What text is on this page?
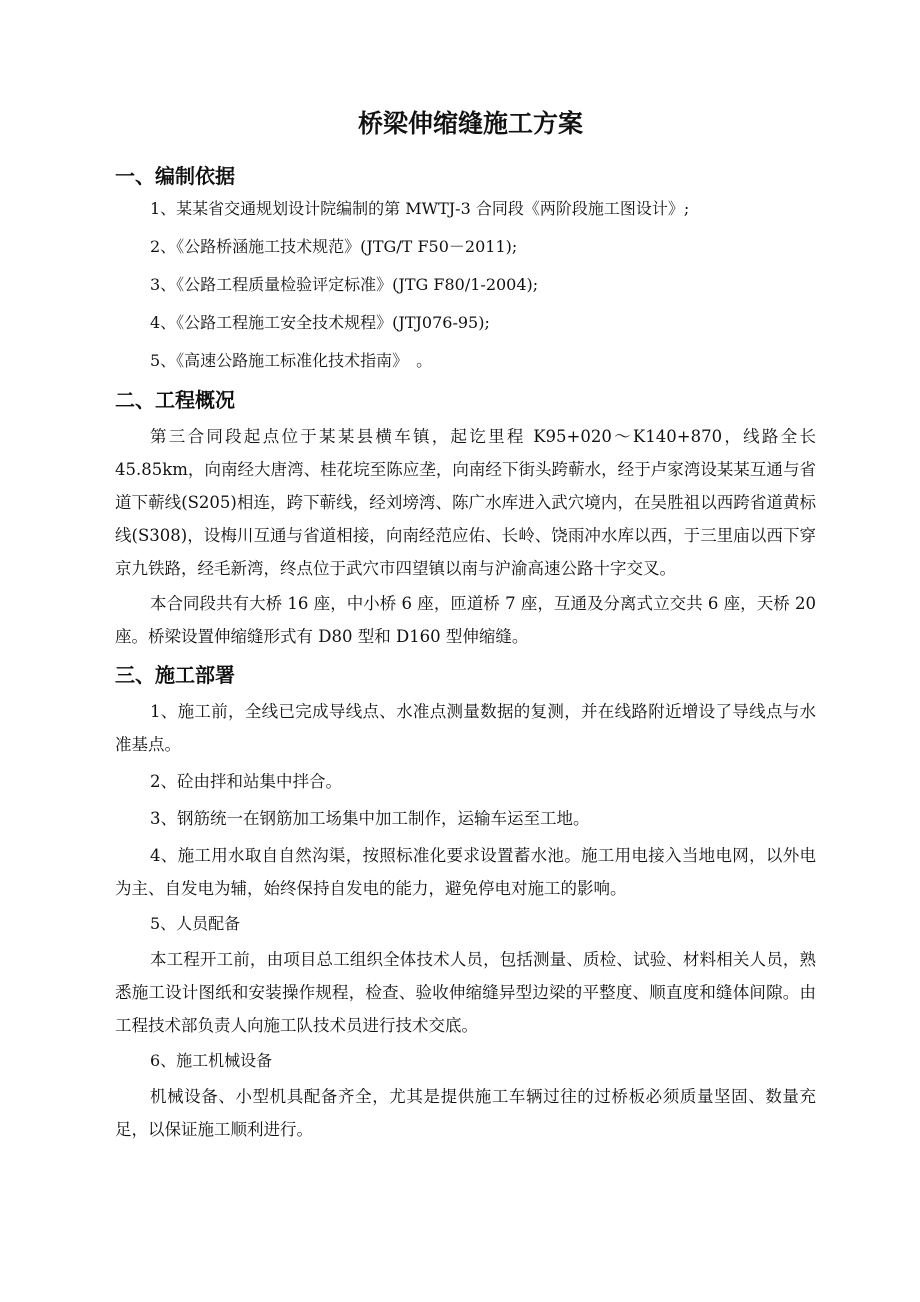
桥梁伸缩缝施工方案
一、编制依据

1、某某省交通规划设计院编制的第 MWTJ-3 合同段《两阶段施工图设计》;

2、《公路桥涵施工技术规范》(JTG/T F50－2011);

3、《公路工程质量检验评定标准》(JTG F80/1-2004);

4、《公路工程施工安全技术规程》(JTJ076-95);

5、《高速公路施工标准化技术指南》　。

二、工程概况

第三合同段起点位于某某县横车镇，起讫里程 K95+020～K140+870，线路全长 45.85km，向南经大唐湾、桂花垸至陈应垄，向南经下街头跨蕲水，经于卢家湾设某某互通与省道下蕲线(S205)相连，跨下蕲线，经刘塝湾、陈广水库进入武穴境内，在吴胜祖以西跨省道黄标线(S308)，设梅川互通与省道相接，向南经范应佑、长岭、饶雨冲水库以西，于三里庙以西下穿京九铁路，经毛新湾，终点位于武穴市四望镇以南与沪渝高速公路十字交叉。

本合同段共有大桥 16 座，中小桥 6 座，匝道桥 7 座，互通及分离式立交共 6 座，天桥 20 座。桥梁设置伸缩缝形式有 D80 型和 D160 型伸缩缝。

三、施工部署

1、施工前，全线已完成导线点、水准点测量数据的复测，并在线路附近增设了导线点与水准基点。

2、砼由拌和站集中拌合。

3、钢筋统一在钢筋加工场集中加工制作，运输车运至工地。

4、施工用水取自自然沟渠，按照标准化要求设置蓄水池。施工用电接入当地电网，以外电为主、自发电为辅，始终保持自发电的能力，避免停电对施工的影响。

5、人员配备

本工程开工前，由项目总工组织全体技术人员，包括测量、质检、试验、材料相关人员，熟悉施工设计图纸和安装操作规程，检查、验收伸缩缝异型边梁的平整度、顺直度和缝体间隙。由工程技术部负责人向施工队技术员进行技术交底。

6、施工机械设备

机械设备、小型机具配备齐全，尤其是提供施工车辆过往的过桥板必须质量坚固、数量充足，以保证施工顺利进行。
